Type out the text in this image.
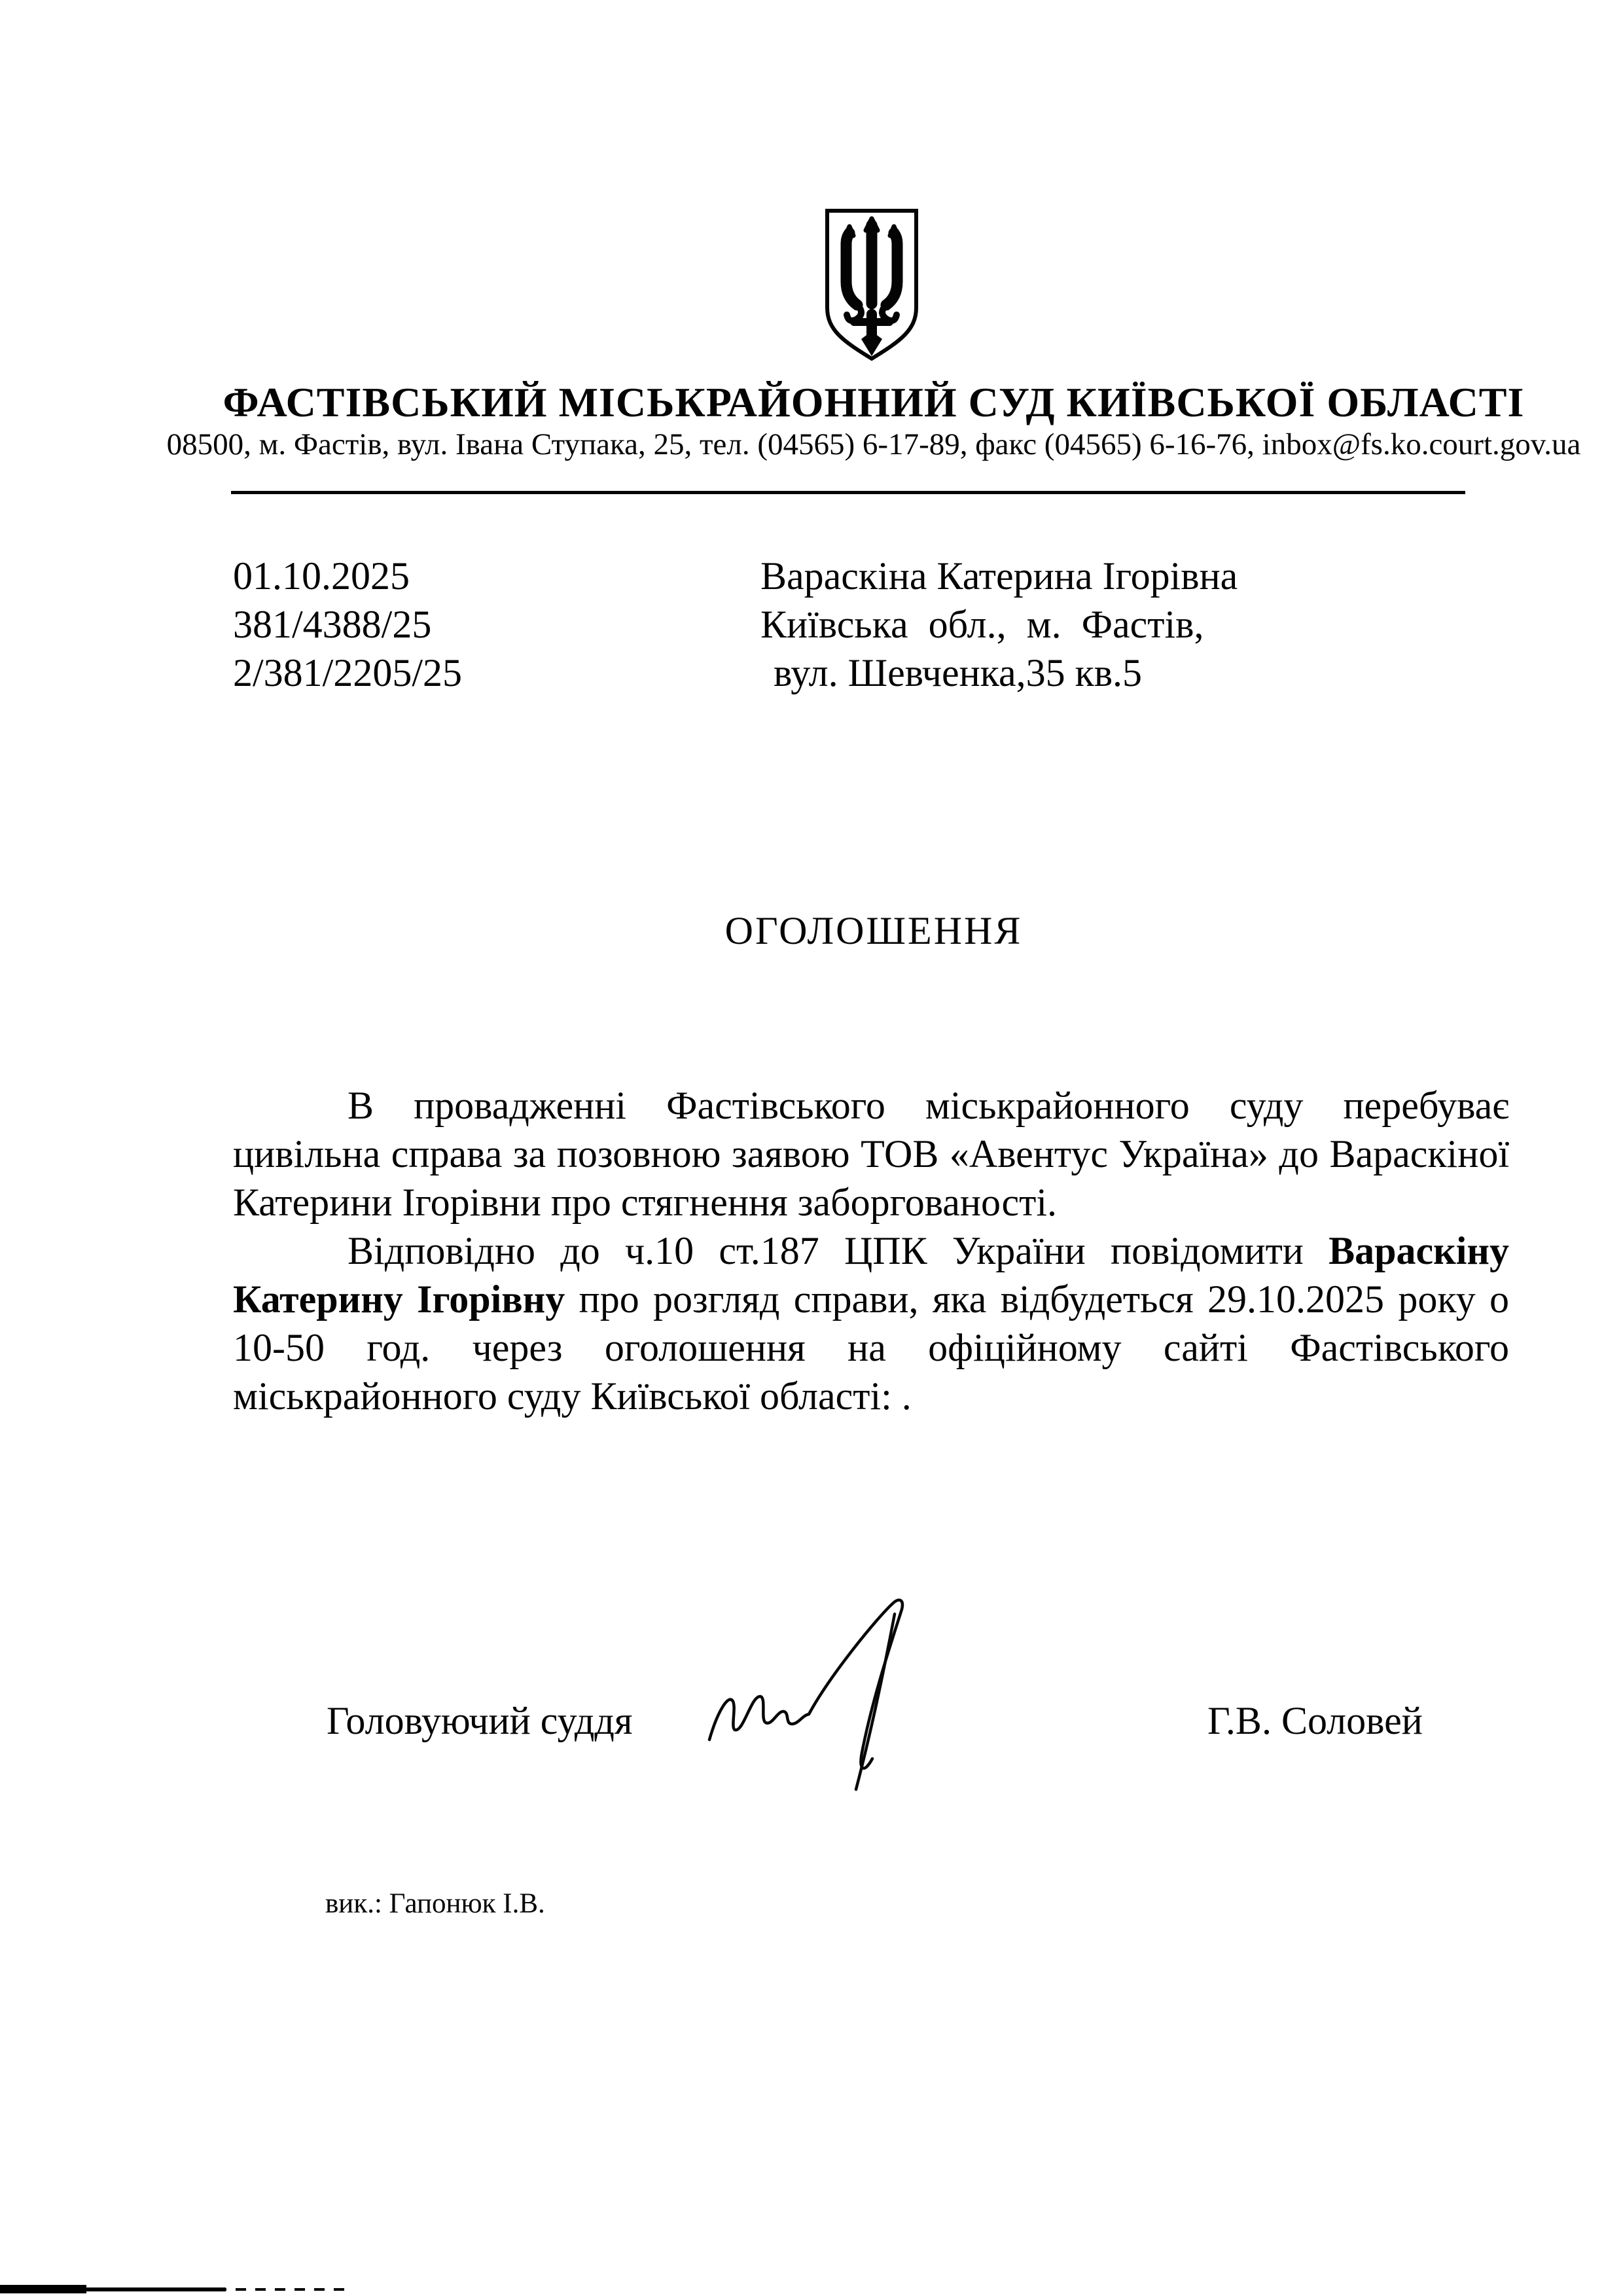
ФАСТІВСЬКИЙ МІСЬКРАЙОННИЙ СУД КИЇВСЬКОЇ ОБЛАСТІ
08500, м. Фастів, вул. Івана Ступака, 25, тел. (04565) 6-17-89, факс (04565) 6-16-76, inbox@fs.ko.court.gov.ua
01.10.2025
381/4388/25
2/381/2205/25
Вараскіна Катерина Ігорівна
Київська обл., м. Фастів,
вул. Шевченка,35 кв.5
ОГОЛОШЕННЯ

В провадженні Фастівського міськрайонного суду перебуває цивільна справа за позовною заявою ТОВ «Авентус Україна» до Вараскіної Катерини Ігорівни про стягнення заборгованості.

Відповідно до ч.10 ст.187 ЦПК України повідомити Вараскіну Катерину Ігорівну про розгляд справи, яка відбудеться 29.10.2025 року о 10-50 год. через оголошення на офіційному сайті Фастівського міськрайонного суду Київської області: .

Головуючий суддя	Г.В. Соловей
вик.: Гапонюк І.В.
